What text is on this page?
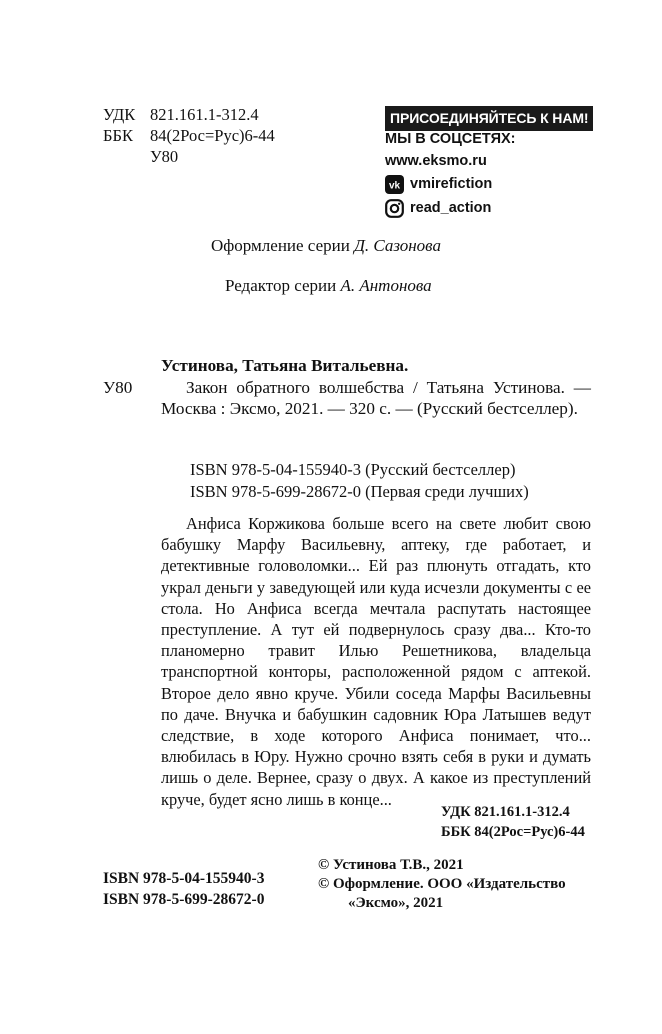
УДК 821.161.1-312.4
ББК	84(2Рос=Рус)6-44
У80
ПРИСОЕДИНЯЙТЕСЬ К НАМ!
МЫ В СОЦСЕТЯХ:
www.eksmo.ru
vk vmirefiction
read_action
Оформление серии Д. Сазонова
Редактор серии А. Антонова
Устинова, Татьяна Витальевна.
У80	Закон обратного волшебства / Татьяна Устинова. — Москва : Эксмо, 2021. — 320 с. — (Русский бестселлер).
ISBN 978-5-04-155940-3 (Русский бестселлер)
ISBN 978-5-699-28672-0 (Первая среди лучших)
Анфиса Коржикова больше всего на свете любит свою бабушку Марфу Васильевну, аптеку, где работает, и детективные головоломки... Ей раз плюнуть отгадать, кто украл деньги у заведующей или куда исчезли документы с ее стола. Но Анфиса всегда мечтала распутать настоящее преступление. А тут ей подвернулось сразу два... Кто-то планомерно травит Илью Решетникова, владельца транспортной конторы, расположенной рядом с аптекой. Второе дело явно круче. Убили соседа Марфы Васильевны по даче. Внучка и бабушкин садовник Юра Латышев ведут следствие, в ходе которого Анфиса понимает, что... влюбилась в Юру. Нужно срочно взять себя в руки и думать лишь о деле. Вернее, сразу о двух. А какое из преступлений круче, будет ясно лишь в конце...
УДК 821.161.1-312.4
ББК 84(2Рос=Рус)6-44
ISBN 978-5-04-155940-3
ISBN 978-5-699-28672-0
© Устинова Т.В., 2021
© Оформление. ООО «Издательство
«Эксмо», 2021
